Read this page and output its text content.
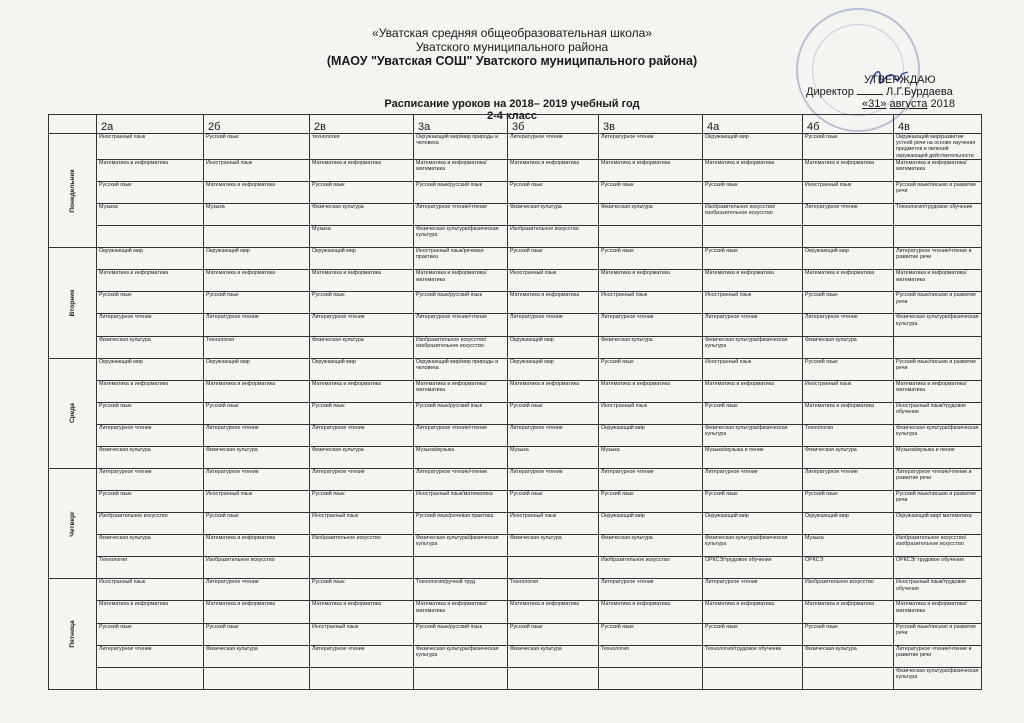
«Уватская средняя общеобразовательная школа»
Уватского муниципального района
(МАОУ "Уватская СОШ" Уватского муниципального района)
УТВЕРЖДАЮ
Директор	Л.Г.Бурдаева
«31» августа 2018
Расписание уроков на 2018– 2019 учебный год
2-4 класс
	2а	2б	2в	3а	3б	3в	4а	4б	4в

Понедельник	Иностранный язык	Русский язык	технология	Окружающий мир/мир природы и человека	Литературное чтение	Литературное чтение	Окружающий мир	Русский язык	Окружающий мир/развитие устной речи на основе изучения предметов и явлений окружающей действительности
	Математика и информатика	Иностранный язык	Математика и информатика	Математика и информатика/математика	Математика и информатика	Математика и информатика	Математика и информатика	Математика и информатика	Математика и информатика/математика
	Русский язык	Математика и информатика	Русский язык	Русский язык/русский язык	Русский язык	Русский язык	Русский язык	Иностранный язык	Русский язык/письмо и развитие речи
	Музыка	Музыка	Физическая культура	Литературное чтение/чтение	Физическая культура	Физическая культура	Изобразительное искусство/изобразительное искусство	Литературное чтение	Технология/трудовое обучение
			Музыка	Физическая культура/физическая культура	Изобразительное искусство				

Вторник	Окружающий мир	Окружающий мир	Окружающий мир	Иностранный язык/речевая практика	Русский язык	Русский язык	Русский язык	Окружающий мир	Литературное чтение/чтение и развитие речи
	Математика и информатика	Математика и информатика	Математика и информатика	Математика и информатика/математика	Иностранный язык	Математика и информатика	Математика и информатика	Математика и информатика	Математика и информатика/математика
	Русский язык	Русский язык	Русский язык	Русский язык/русский язык	Математика и информатика	Иностранный язык	Иностранный язык	Русский язык	Русский язык/письмо и развитие речи
	Литературное чтение	Литературное чтение	Литературное чтение	Литературное чтение/чтение	Литературное чтение	Литературное чтение	Литературное чтение	Литературное чтение	Физическая культура/физическая культура
	Физическая культура	Технология	Физическая культура	Изобразительное искусство/изобразительное искусство	Окружающий мир	Физическая культура	Физическая культура/физическая культура	Физическая культура	

Среда	Окружающий мир	Окружающий мир	Окружающий мир	Окружающий мир/мир природы и человека	Окружающий мир	Русский язык	Иностранный язык	Русский язык	Русский язык/письмо и развитие речи
	Математика и информатика	Математика и информатика	Математика и информатика	Математика и информатика/математика	Математика и информатика	Математика и информатика	Математика и информатика	Иностранный язык	Математика и информатика/математика
	Русский язык	Русский язык	Русский язык	Русский язык/русский язык	Русский язык	Иностранный язык	Русский язык	Математика и информатика	Иностранный язык/трудовое обучение
	Литературное чтение	Литературное чтение	Литературное чтение	Литературное чтение/чтение	Литературное чтение	Окружающий мир	Физическая культура/физическая культура	Технология	Физическая культура/физическая культура
	Физическая культура	Физическая культура	Физическая культура	Музыка/музыка	Музыка	Музыка	Музыка/музыка и пение	Физическая культура	Музыка/музыка и пение

Четверг	Литературное чтение	Литературное чтение	Литературное чтение	Литературное чтение/чтение	Литературное чтение	Литературное чтение	Литературное чтение	Литературное чтение	Литературное чтение/чтение и развитие речи
	Русский язык	Иностранный язык	Русский язык	Иностранный язык/математика	Русский язык	Русский язык	Русский язык	Русский язык	Русский язык/письмо и развитие речи
	Изобразительное искусство	Русский язык	Иностранный язык	Русский язык/речевая практика	Иностранный язык	Окружающий мир	Окружающий мир	Окружающий мир	Окружающий мир/ математика
	Физическая культура	Математика и информатика	Изобразительное искусство	Физическая культура/физическая культура	Физическая культура	Физическая культура	Физическая культура/физическая культура	Музыка	Изобразительное искусство/изобразительное искусство
	Технология	Изобразительное искусство				Изобразительное искусство	ОРКСЭ/трудовое обучение	ОРКСЭ	ОРКСЭ/ трудовое обучение

Пятница	Иностранный язык	Литературное чтение	Русский язык	Технология/ручной труд	Технология	Литературное чтение	Литературное чтение	Изобразительное искусство	Иностранный язык/трудовое обучение
	Математика и информатика	Математика и информатика	Математика и информатика	Математика и информатика/математика	Математика и информатика	Математика и информатика	Математика и информатика	Математика и информатика	Математика и информатика/математика
	Русский язык	Русский язык	Иностранный язык	Русский язык/русский язык	Русский язык	Русский язык	Русский язык	Русский язык	Русский язык/письмо и развитие речи
	Литературное чтение	Физическая культура	Литературное чтение	Физическая культура/физическая культура	Физическая культура	Технология	Технология/трудовое обучение	Физическая культура	Литературное чтение/чтение и развитие речи
									Физическая культура/физическая культура
